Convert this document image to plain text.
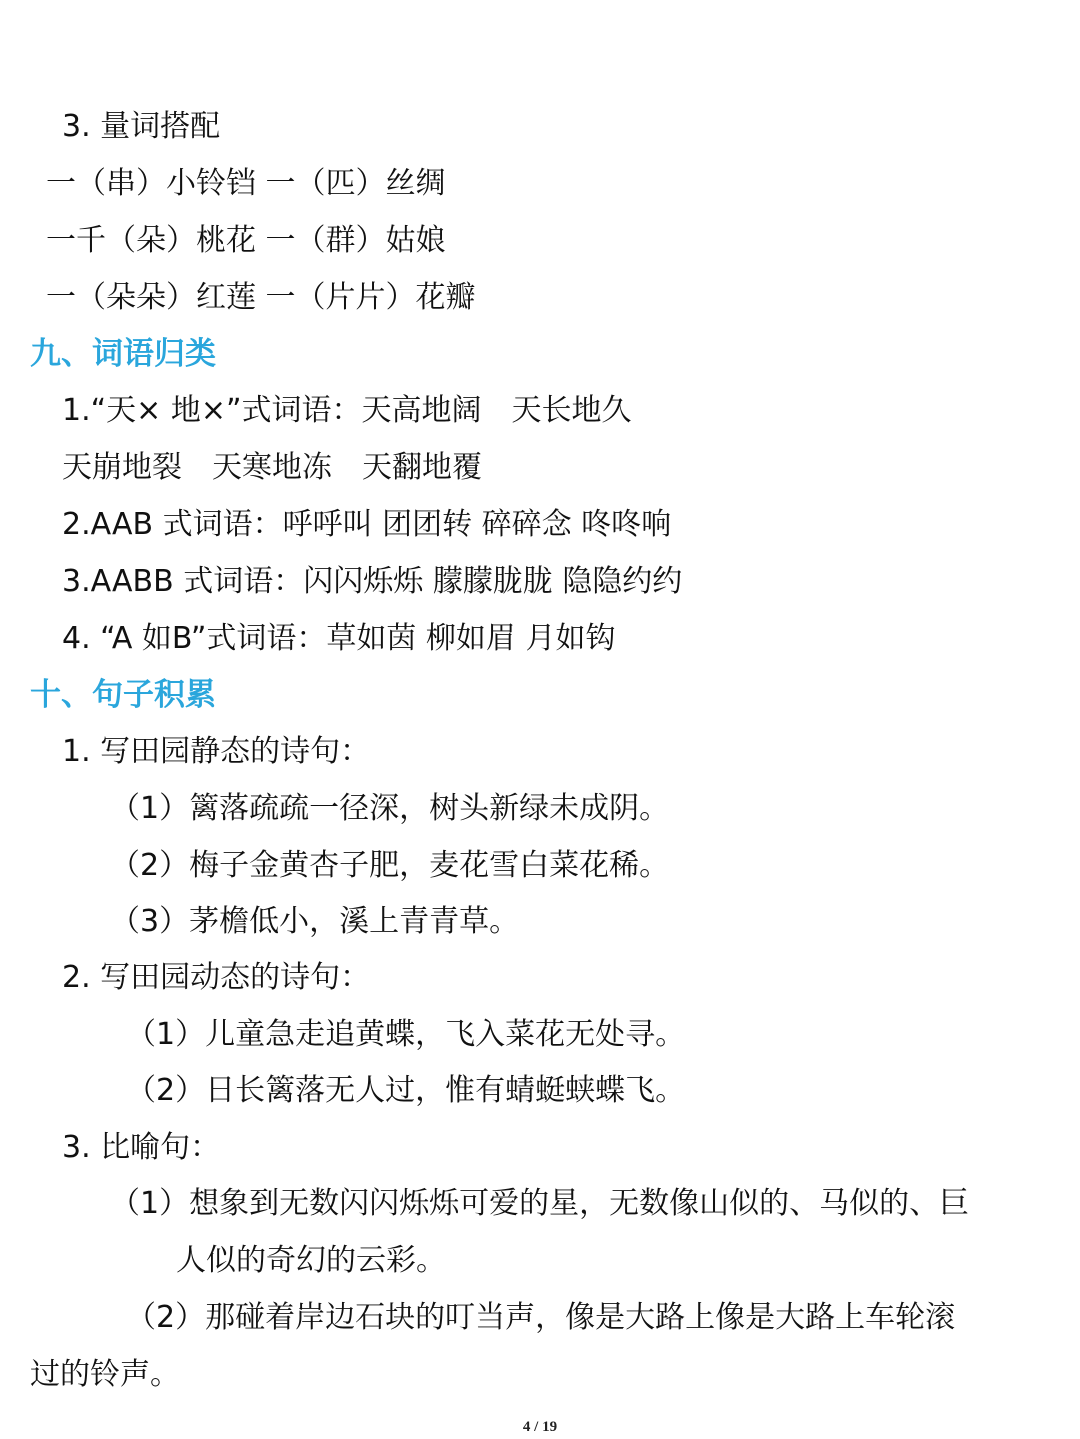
3. 量词搭配
一（串）小铃铛 一（匹）丝绸
一千（朵）桃花 一（群）姑娘
一（朵朵）红莲 一（片片）花瓣
九、词语归类
1.“天× 地×”式词语：天高地阔　天长地久
天崩地裂　天寒地冻　天翻地覆
2.AAB 式词语：呼呼叫 团团转 碎碎念 咚咚响
3.AABB 式词语：闪闪烁烁 朦朦胧胧 隐隐约约
4. “A 如B”式词语：草如茵 柳如眉 月如钩
十、句子积累
1. 写田园静态的诗句：
（1）篱落疏疏一径深，树头新绿未成阴。
（2）梅子金黄杏子肥，麦花雪白菜花稀。
（3）茅檐低小，溪上青青草。
2. 写田园动态的诗句：
（1）儿童急走追黄蝶，飞入菜花无处寻。
（2）日长篱落无人过，惟有蜻蜓蛱蝶飞。
3. 比喻句：
（1）想象到无数闪闪烁烁可爱的星，无数像山似的、马似的、巨
人似的奇幻的云彩。
（2）那碰着岸边石块的叮当声，像是大路上像是大路上车轮滚
过的铃声。
4 / 19
